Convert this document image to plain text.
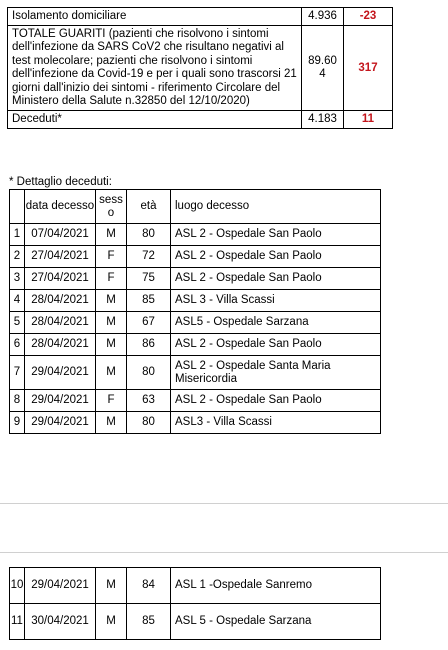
Isolamento domiciliare	4.936	-23
TOTALE GUARITI (pazienti che risolvono i sintomi dell'infezione da SARS CoV2 che risultano negativi al test molecolare; pazienti che risolvono i sintomi dell'infezione da Covid-19 e per i quali sono trascorsi 21 giorni dall'inizio dei sintomi - riferimento Circolare del Ministero della Salute n.32850 del 12/10/2020)	89.604	317
Deceduti*	4.183	11
* Dettaglio deceduti:
	data decesso	sesso	età	luogo decesso
1	07/04/2021	M	80	ASL 2 - Ospedale San Paolo
2	27/04/2021	F	72	ASL 2 - Ospedale San Paolo
3	27/04/2021	F	75	ASL 2 - Ospedale San Paolo
4	28/04/2021	M	85	ASL 3 - Villa Scassi
5	28/04/2021	M	67	ASL5 - Ospedale Sarzana
6	28/04/2021	M	86	ASL 2 - Ospedale San Paolo
7	29/04/2021	M	80	ASL 2 - Ospedale Santa Maria Misericordia
8	29/04/2021	F	63	ASL 2 - Ospedale San Paolo
9	29/04/2021	M	80	ASL3 - Villa Scassi
10	29/04/2021	M	84	ASL 1 -Ospedale Sanremo
11	30/04/2021	M	85	ASL 5 - Ospedale Sarzana
